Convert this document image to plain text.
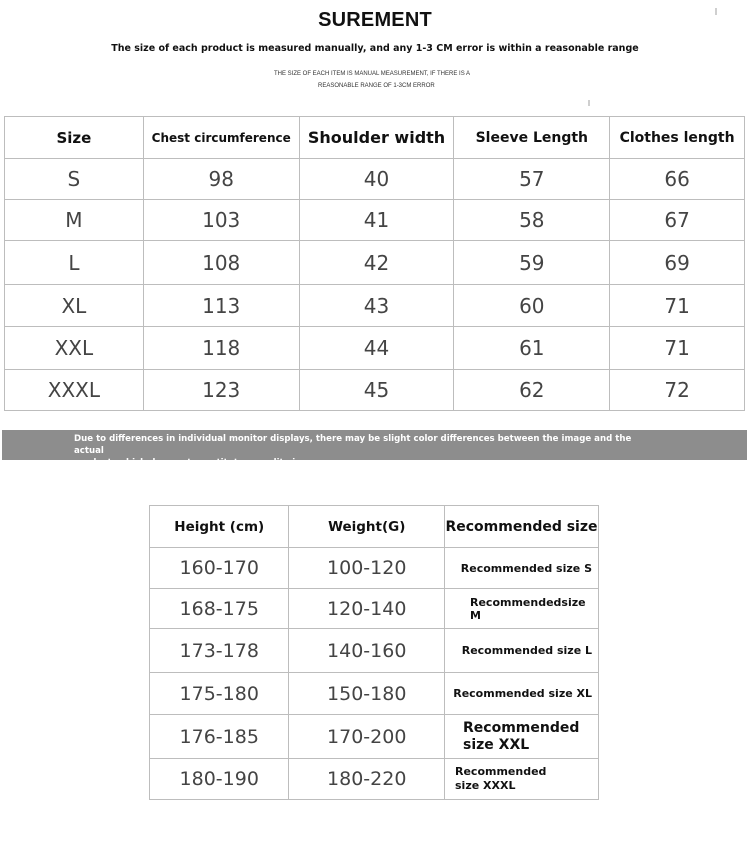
SUREMENT
The size of each product is measured manually, and any 1-3 CM error is within a reasonable range
THE SIZE OF EACH ITEM IS MANUAL MEASUREMENT, IF THERE IS A
REASONABLE RANGE OF 1-3CM ERROR
Size	Chest circumference	Shoulder width	Sleeve Length	Clothes length
S	98	40	57	66
M	103	41	58	67
L	108	42	59	69
XL	113	43	60	71
XXL	118	44	61	71
XXXL	123	45	62	72
Due to differences in individual monitor displays, there may be slight color differences between the image and the actual
product, which does not constitute a quality issue.
Height (cm)	Weight(G)	Recommended size
160-170	100-120	Recommended size S
168-175	120-140	Recommendedsize M
173-178	140-160	Recommended size L
175-180	150-180	Recommended size XL
176-185	170-200	Recommended size XXL
180-190	180-220	Recommended size XXXL
